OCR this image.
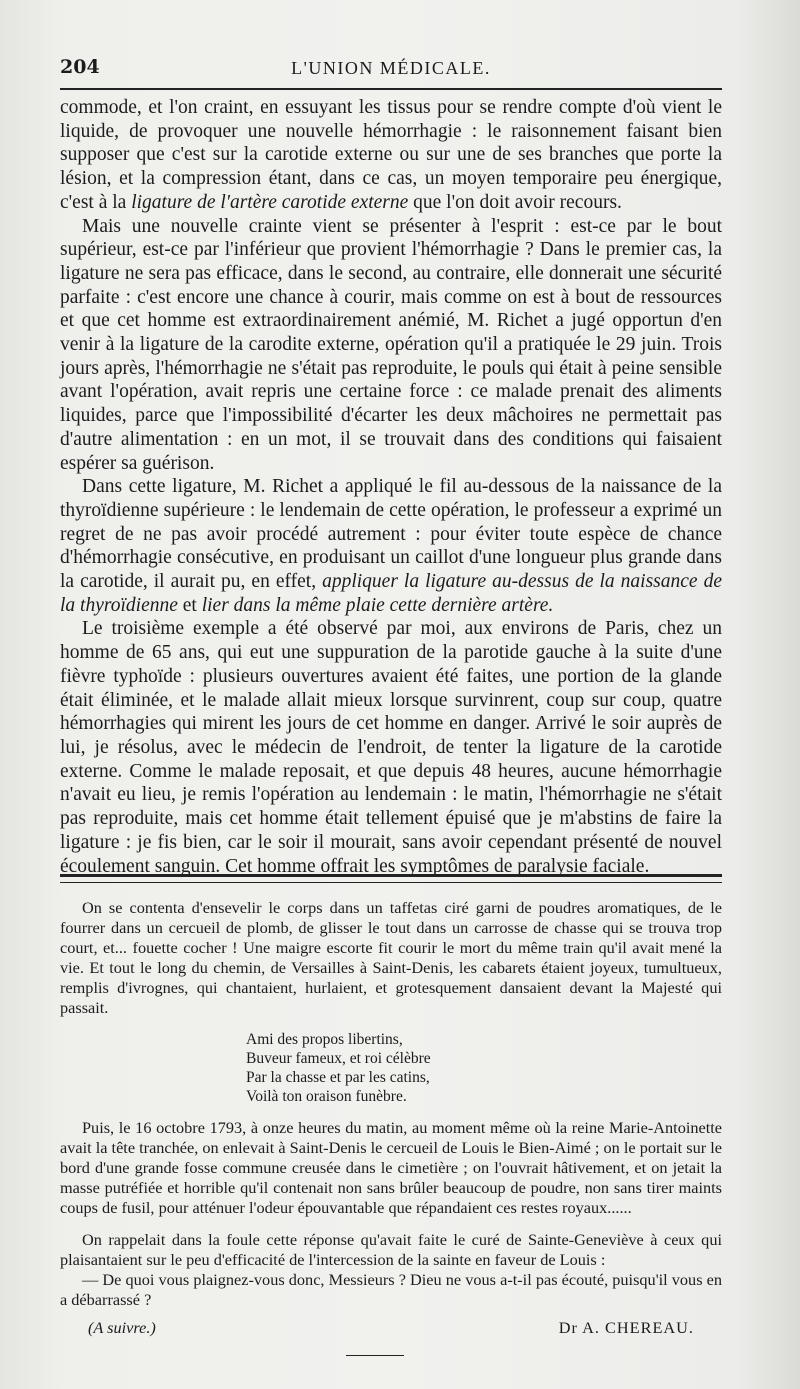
204	L'UNION MÉDICALE.

commode, et l'on craint, en essuyant les tissus pour se rendre compte d'où vient le liquide, de provoquer une nouvelle hémorrhagie : le raisonnement faisant bien supposer que c'est sur la carotide externe ou sur une de ses branches que porte la lésion, et la compression étant, dans ce cas, un moyen temporaire peu énergique, c'est à la ligature de l'artère carotide externe que l'on doit avoir recours.

Mais une nouvelle crainte vient se présenter à l'esprit : est-ce par le bout supérieur, est-ce par l'inférieur que provient l'hémorrhagie ? Dans le premier cas, la ligature ne sera pas efficace, dans le second, au contraire, elle donnerait une sécurité parfaite : c'est encore une chance à courir, mais comme on est à bout de ressources et que cet homme est extraordinairement anémié, M. Richet a jugé opportun d'en venir à la ligature de la carodite externe, opération qu'il a pratiquée le 29 juin. Trois jours après, l'hémorrhagie ne s'était pas reproduite, le pouls qui était à peine sensible avant l'opération, avait repris une certaine force : ce malade prenait des aliments liquides, parce que l'impossibilité d'écarter les deux mâchoires ne permettait pas d'autre alimentation : en un mot, il se trouvait dans des conditions qui faisaient espérer sa guérison.

Dans cette ligature, M. Richet a appliqué le fil au-dessous de la naissance de la thyroïdienne supérieure : le lendemain de cette opération, le professeur a exprimé un regret de ne pas avoir procédé autrement : pour éviter toute espèce de chance d'hémorrhagie consécutive, en produisant un caillot d'une longueur plus grande dans la carotide, il aurait pu, en effet, appliquer la ligature au-dessus de la naissance de la thyroïdienne et lier dans la même plaie cette dernière artère.

Le troisième exemple a été observé par moi, aux environs de Paris, chez un homme de 65 ans, qui eut une suppuration de la parotide gauche à la suite d'une fièvre typhoïde : plusieurs ouvertures avaient été faites, une portion de la glande était éliminée, et le malade allait mieux lorsque survinrent, coup sur coup, quatre hémorrhagies qui mirent les jours de cet homme en danger. Arrivé le soir auprès de lui, je résolus, avec le médecin de l'endroit, de tenter la ligature de la carotide externe. Comme le malade reposait, et que depuis 48 heures, aucune hémorrhagie n'avait eu lieu, je remis l'opération au lendemain : le matin, l'hémorrhagie ne s'était pas reproduite, mais cet homme était tellement épuisé que je m'abstins de faire la ligature : je fis bien, car le soir il mourait, sans avoir cependant présenté de nouvel écoulement sanguin. Cet homme offrait les symptômes de paralysie faciale.

On se contenta d'ensevelir le corps dans un taffetas ciré garni de poudres aromatiques, de le fourrer dans un cercueil de plomb, de glisser le tout dans un carrosse de chasse qui se trouva trop court, et... fouette cocher ! Une maigre escorte fit courir le mort du même train qu'il avait mené la vie. Et tout le long du chemin, de Versailles à Saint-Denis, les cabarets étaient joyeux, tumultueux, remplis d'ivrognes, qui chantaient, hurlaient, et grotesquement dansaient devant la Majesté qui passait.

Ami des propos libertins,
Buveur fameux, et roi célèbre
Par la chasse et par les catins,
Voilà ton oraison funèbre.

Puis, le 16 octobre 1793, à onze heures du matin, au moment même où la reine Marie-Antoinette avait la tête tranchée, on enlevait à Saint-Denis le cercueil de Louis le Bien-Aimé ; on le portait sur le bord d'une grande fosse commune creusée dans le cimetière ; on l'ouvrait hâtivement, et on jetait la masse putréfiée et horrible qu'il contenait non sans brûler beaucoup de poudre, non sans tirer maints coups de fusil, pour atténuer l'odeur épouvantable que répandaient ces restes royaux......

On rappelait dans la foule cette réponse qu'avait faite le curé de Sainte-Geneviève à ceux qui plaisantaient sur le peu d'efficacité de l'intercession de la sainte en faveur de Louis :

— De quoi vous plaignez-vous donc, Messieurs ? Dieu ne vous a-t-il pas écouté, puisqu'il vous en a débarrassé ?

(A suivre.)	Dr A. CHEREAU.
